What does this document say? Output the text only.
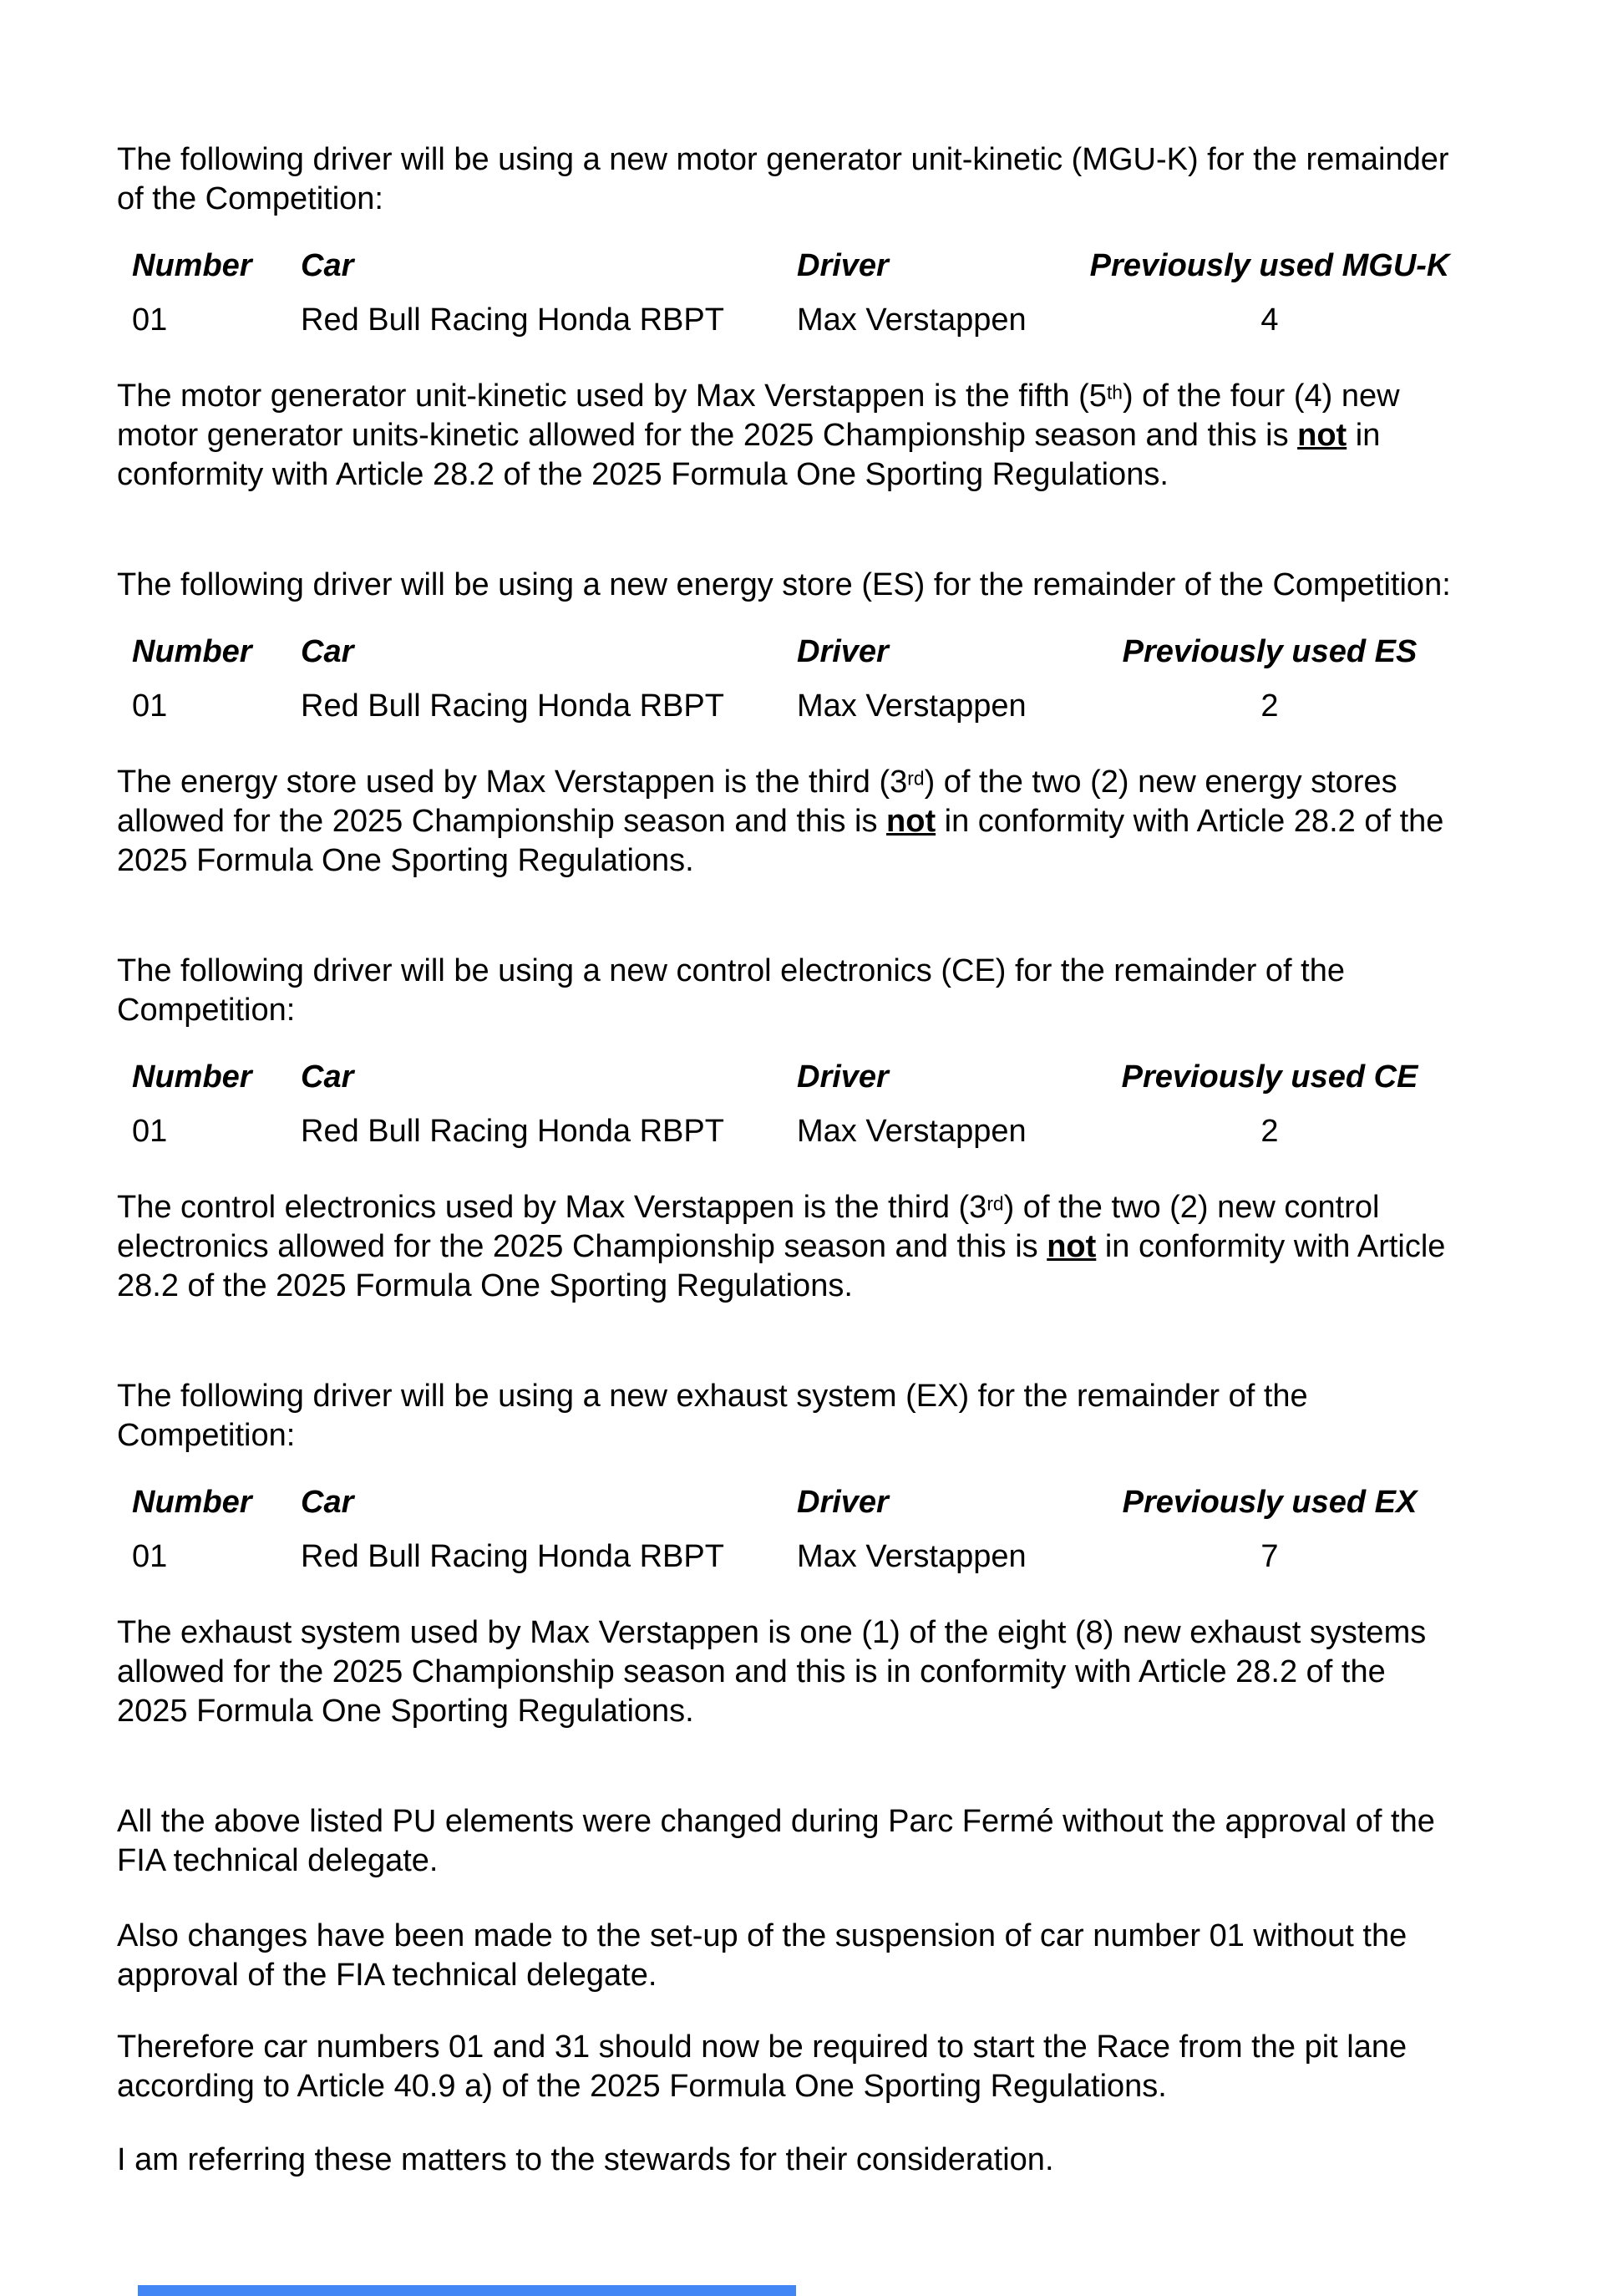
The following driver will be using a new motor generator unit-kinetic (MGU-K) for the remainder
of the Competition:

Number	Car	Driver	Previously used MGU-K
01	Red Bull Racing Honda RBPT	Max Verstappen	4

The motor generator unit-kinetic used by Max Verstappen is the fifth (5th) of the four (4) new
motor generator units-kinetic allowed for the 2025 Championship season and this is not in
conformity with Article 28.2 of the 2025 Formula One Sporting Regulations.

The following driver will be using a new energy store (ES) for the remainder of the Competition:

Number	Car	Driver	Previously used ES
01	Red Bull Racing Honda RBPT	Max Verstappen	2

The energy store used by Max Verstappen is the third (3rd) of the two (2) new energy stores
allowed for the 2025 Championship season and this is not in conformity with Article 28.2 of the
2025 Formula One Sporting Regulations.

The following driver will be using a new control electronics (CE) for the remainder of the
Competition:

Number	Car	Driver	Previously used CE
01	Red Bull Racing Honda RBPT	Max Verstappen	2

The control electronics used by Max Verstappen is the third (3rd) of the two (2) new control
electronics allowed for the 2025 Championship season and this is not in conformity with Article
28.2 of the 2025 Formula One Sporting Regulations.

The following driver will be using a new exhaust system (EX) for the remainder of the
Competition:

Number	Car	Driver	Previously used EX
01	Red Bull Racing Honda RBPT	Max Verstappen	7

The exhaust system used by Max Verstappen is one (1) of the eight (8) new exhaust systems
allowed for the 2025 Championship season and this is in conformity with Article 28.2 of the
2025 Formula One Sporting Regulations.

All the above listed PU elements were changed during Parc Fermé without the approval of the
FIA technical delegate.

Also changes have been made to the set-up of the suspension of car number 01 without the
approval of the FIA technical delegate.

Therefore car numbers 01 and 31 should now be required to start the Race from the pit lane
according to Article 40.9 a) of the 2025 Formula One Sporting Regulations.

I am referring these matters to the stewards for their consideration.
